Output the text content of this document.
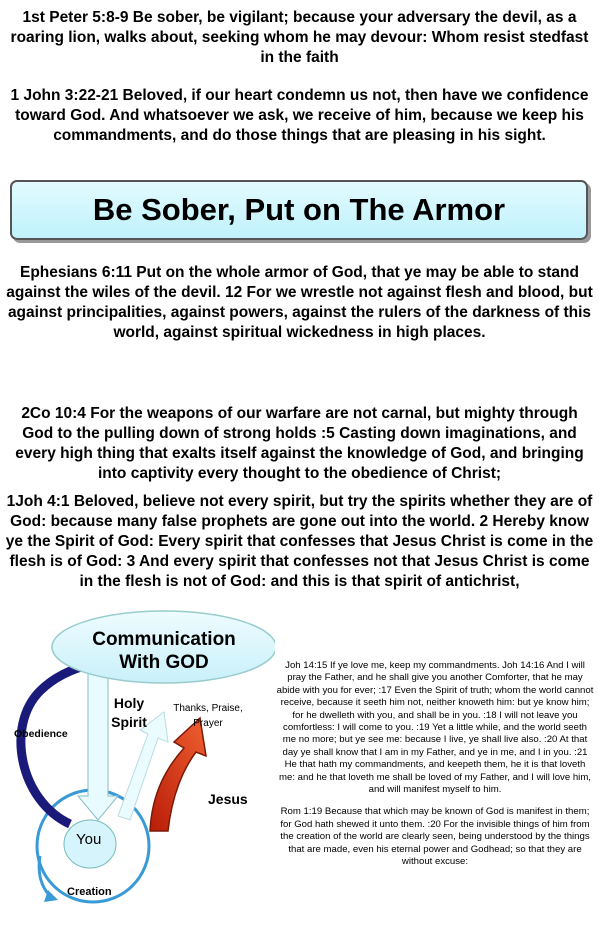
1st Peter 5:8-9 Be sober, be vigilant; because your adversary the devil, as a roaring lion, walks about, seeking whom he may devour: Whom resist stedfast in the faith
1 John 3:22-21 Beloved, if our heart condemn us not, then have we confidence toward God. And whatsoever we ask, we receive of him, because we keep his commandments, and do those things that are pleasing in his sight.
Be Sober, Put on The Armor
Ephesians 6:11 Put on the whole armor of God, that ye may be able to stand against the wiles of the devil. 12 For we wrestle not against flesh and blood, but against principalities, against powers, against the rulers of the darkness of this world, against spiritual wickedness in high places.
2Co 10:4 For the weapons of our warfare are not carnal, but mighty through God to the pulling down of strong holds :5 Casting down imaginations, and every high thing that exalts itself against the knowledge of God, and bringing into captivity every thought to the obedience of Christ;
1Joh 4:1 Beloved, believe not every spirit, but try the spirits whether they are of God: because many false prophets are gone out into the world. 2 Hereby know ye the Spirit of God: Every spirit that confesses that Jesus Christ is come in the flesh is of God: 3 And every spirit that confesses not that Jesus Christ is come in the flesh is not of God: and this is that spirit of antichrist,
Communication With GOD
Obedience
Holy Spirit
Thanks, Praise, Prayer
Jesus
You
Creation

Joh 14:15 If ye love me, keep my commandments. Joh 14:16 And I will pray the Father, and he shall give you another Comforter, that he may abide with you for ever; :17 Even the Spirit of truth; whom the world cannot receive, because it seeth him not, neither knoweth him: but ye know him; for he dwelleth with you, and shall be in you. :18 I will not leave you comfortless: I will come to you. :19 Yet a little while, and the world seeth me no more; but ye see me: because I live, ye shall live also. :20 At that day ye shall know that I am in my Father, and ye in me, and I in you. :21 He that hath my commandments, and keepeth them, he it is that loveth me: and he that loveth me shall be loved of my Father, and I will love him, and will manifest myself to him.

Rom 1:19 Because that which may be known of God is manifest in them; for God hath shewed it unto them. :20 For the invisible things of him from the creation of the world are clearly seen, being understood by the things that are made, even his eternal power and Godhead; so that they are without excuse:
